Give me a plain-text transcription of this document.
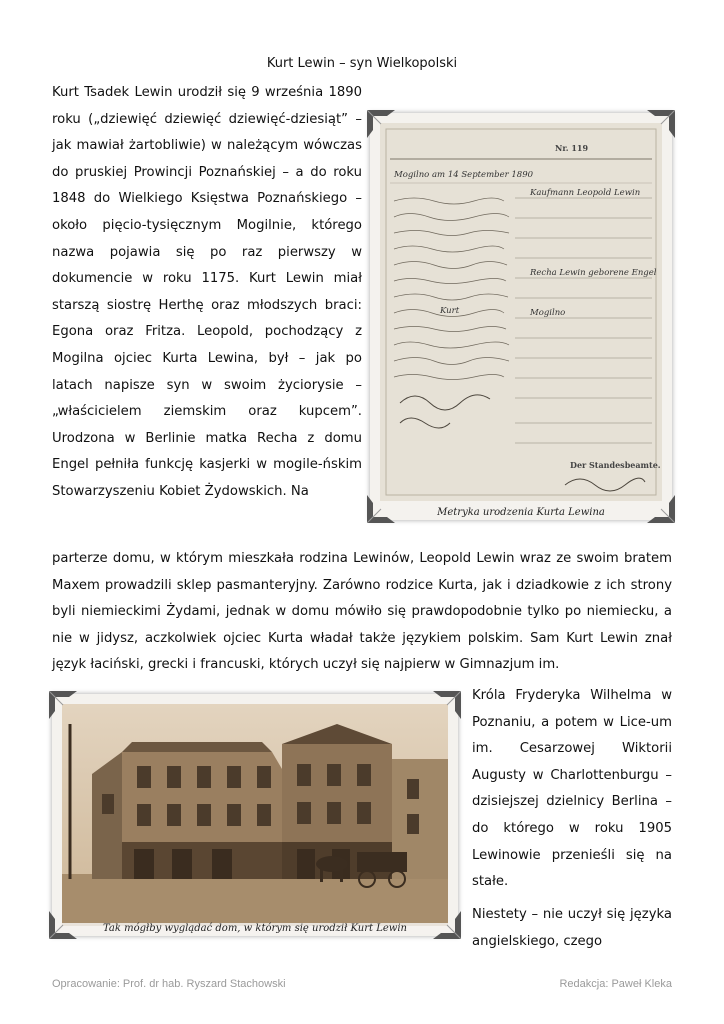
Kurt Lewin – syn Wielkopolski

Kurt Tsadek Lewin urodził się 9 września 1890 roku („dziewięć dziewięć dziewięć-dziesiąt” – jak mawiał żartobliwie) w należącym wówczas do pruskiej Prowincji Poznańskiej – a do roku 1848 do Wielkiego Księstwa Poznańskiego – około pięcio-tysięcznym Mogilnie, którego nazwa pojawia się po raz pierwszy w dokumencie w roku 1175. Kurt Lewin miał starszą siostrę Herthę oraz młodszych braci: Egona oraz Fritza. Leopold, pochodzący z Mogilna ojciec Kurta Lewina, był – jak po latach napisze syn w swoim życiorysie – „właścicielem ziemskim oraz kupcem”. Urodzona w Berlinie matka Recha z domu Engel pełniła funkcję kasjerki w mogile-ńskim Stowarzyszeniu Kobiet Żydowskich. Na

Nr. 119
Mogilno am 14 September 1890
Kaufmann Leopold Lewin
Recha Lewin geborene Engel
Mogilno
Kurt
Der Standesbeamte.
Metryka urodzenia Kurta Lewina

parterze domu, w którym mieszkała rodzina Lewinów, Leopold Lewin wraz ze swoim bratem Maxem prowadzili sklep pasmanteryjny. Zarówno rodzice Kurta, jak i dziadkowie z ich strony byli niemieckimi Żydami, jednak w domu mówiło się prawdopodobnie tylko po niemiecku, a nie w jidysz, aczkolwiek ojciec Kurta władał także językiem polskim. Sam Kurt Lewin znał język łaciński, grecki i francuski, których uczył się najpierw w Gimnazjum im.

Tak mógłby wyglądać dom, w którym się urodził Kurt Lewin

Króla Fryderyka Wilhelma w Poznaniu, a potem w Lice-um im. Cesarzowej Wiktorii Augusty w Charlottenburgu – dzisiejszej dzielnicy Berlina – do którego w roku 1905 Lewinowie przenieśli się na stałe.

Niestety – nie uczył się języka angielskiego, czego

Opracowanie: Prof. dr hab. Ryszard Stachowski	Redakcja: Paweł Kleka
